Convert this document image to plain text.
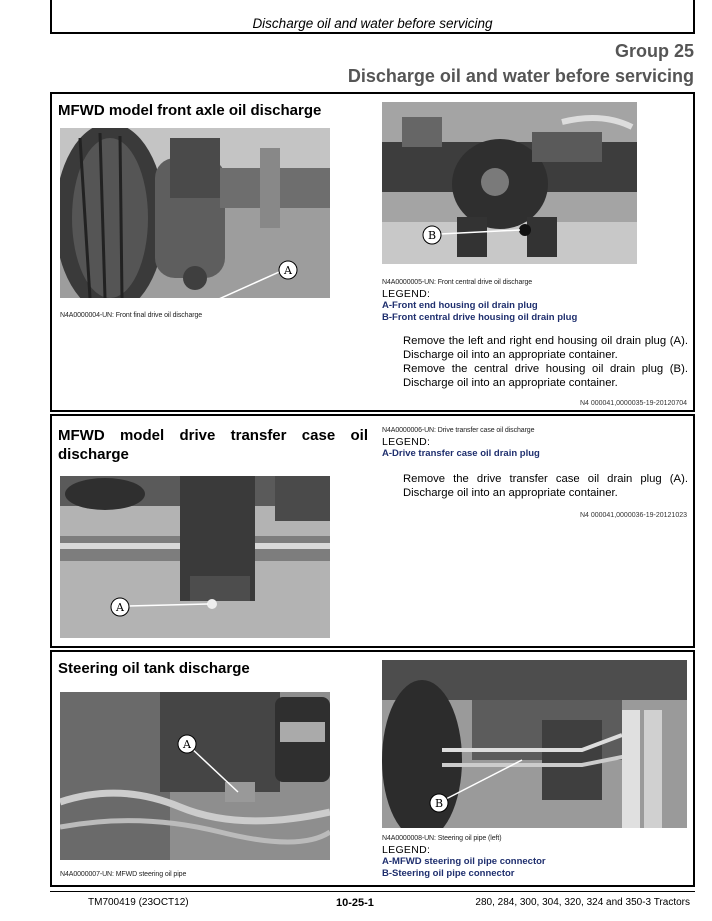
Discharge oil and water before servicing
Group 25
Discharge oil and water before servicing
MFWD model front axle oil discharge
A
N4A0000004-UN: Front final drive oil discharge
B
N4A0000005-UN: Front central drive oil discharge
LEGEND:
A-Front end housing oil drain plug
B-Front central drive housing oil drain plug
Remove the left and right end housing oil drain plug (A).
Discharge oil into an appropriate container.
Remove the central drive housing oil drain plug (B).
Discharge oil into an appropriate container.
N4 000041,0000035-19-20120704
MFWD model drive transfer case oil
discharge
A
N4A0000006-UN: Drive transfer case oil discharge
LEGEND:
A-Drive transfer case oil drain plug
Remove the drive transfer case oil drain plug (A).
Discharge oil into an appropriate container.
N4 000041,0000036-19-20121023
Steering oil tank discharge
A
N4A0000007-UN: MFWD steering oil pipe
B
N4A0000008-UN: Steering oil pipe (left)
LEGEND:
A-MFWD steering oil pipe connector
B-Steering oil pipe connector
TM700419 (23OCT12)	10-25-1	280, 284, 300, 304, 320, 324 and 350-3 Tractors
